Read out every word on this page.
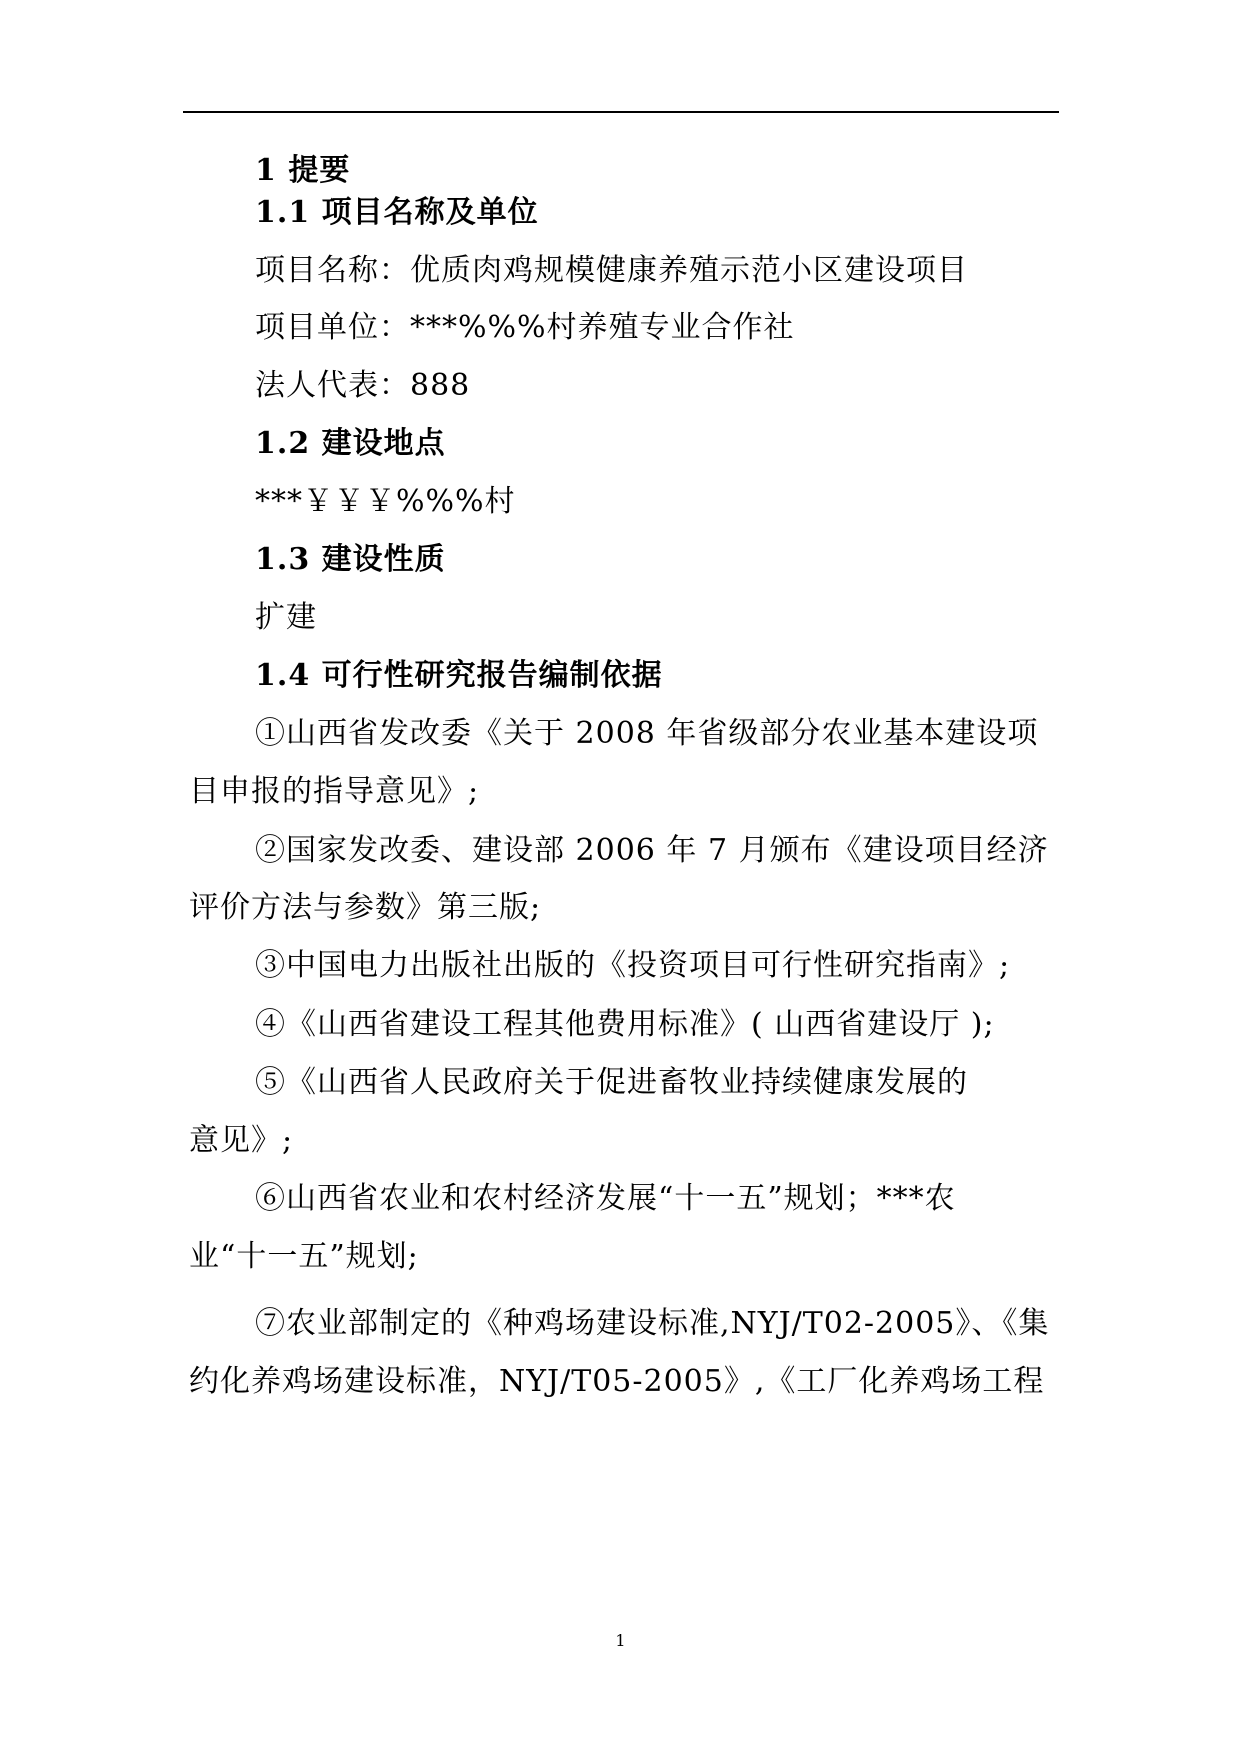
1 提要
1.1 项目名称及单位
项目名称：优质肉鸡规模健康养殖示范小区建设项目
项目单位：***%%%村养殖专业合作社
法人代表：888
1.2 建设地点
***￥￥￥%%%村
1.3 建设性质
扩建
1.4 可行性研究报告编制依据
①山西省发改委《关于 2008 年省级部分农业基本建设项
目申报的指导意见》;
②国家发改委、建设部 2006 年 7 月颁布《建设项目经济
评价方法与参数》第三版;
③中国电力出版社出版的《投资项目可行性研究指南》;
④《山西省建设工程其他费用标准》( 山西省建设厅 );
⑤《山西省人民政府关于促进畜牧业持续健康发展的
意见》;
⑥山西省农业和农村经济发展“十一五”规划；***农
业“十一五”规划;
⑦农业部制定的《种鸡场建设标准,NYJ/T02-2005》、《集
约化养鸡场建设标准，NYJ/T05-2005》,《工厂化养鸡场工程
1
